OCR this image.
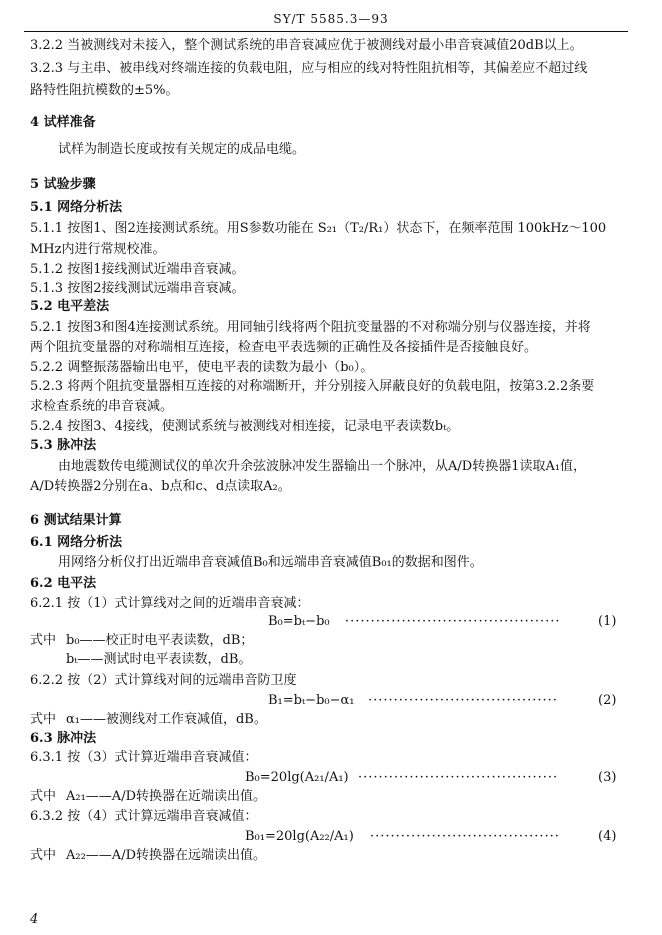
SY/T 5585.3—93
3.2.2 当被测线对未接入，整个测试系统的串音衰减应优于被测线对最小串音衰减值20dB以上。
3.2.3 与主串、被串线对终端连接的负载电阻，应与相应的线对特性阻抗相等，其偏差应不超过线
路特性阻抗模数的±5%。
4 试样准备
试样为制造长度或按有关规定的成品电缆。
5 试验步骤
5.1 网络分析法
5.1.1 按图1、图2连接测试系统。用S参数功能在 S₂₁（T₂/R₁）状态下，在频率范围 100kHz～100
MHz内进行常规校准。
5.1.2 按图1接线测试近端串音衰减。
5.1.3 按图2接线测试远端串音衰减。
5.2 电平差法
5.2.1 按图3和图4连接测试系统。用同轴引线将两个阻抗变量器的不对称端分别与仪器连接，并将
两个阻抗变量器的对称端相互连接，检查电平表选频的正确性及各接插件是否接触良好。
5.2.2 调整振荡器输出电平，使电平表的读数为最小（b₀）。
5.2.3 将两个阻抗变量器相互连接的对称端断开，并分别接入屏蔽良好的负载电阻，按第3.2.2条要
求检查系统的串音衰减。
5.2.4 按图3、4接线，使测试系统与被测线对相连接，记录电平表读数bₜ。
5.3 脉冲法
由地震数传电缆测试仪的单次升余弦波脉冲发生器输出一个脉冲，从A/D转换器1读取A₁值，
A/D转换器2分别在a、b点和c、d点读取A₂。
6 测试结果计算
6.1 网络分析法
用网络分析仪打出近端串音衰减值B₀和远端串音衰减值B₀₁的数据和图件。
6.2 电平法
6.2.1 按（1）式计算线对之间的近端串音衰减：
B₀=bₜ−b₀ ··········································	(1)
式中 b₀——校正时电平表读数，dB；
bₜ——测试时电平表读数，dB。
6.2.2 按（2）式计算线对间的远端串音防卫度
B₁=bₜ−b₀−α₁ ·····································	(2)
式中 α₁——被测线对工作衰减值，dB。
6.3 脉冲法
6.3.1 按（3）式计算近端串音衰减值：
B₀=20lg(A₂₁/A₁) ·······································	(3)
式中 A₂₁——A/D转换器在近端读出值。
6.3.2 按（4）式计算远端串音衰减值：
B₀₁=20lg(A₂₂/A₁) ·····································	(4)
式中 A₂₂——A/D转换器在远端读出值。
4
